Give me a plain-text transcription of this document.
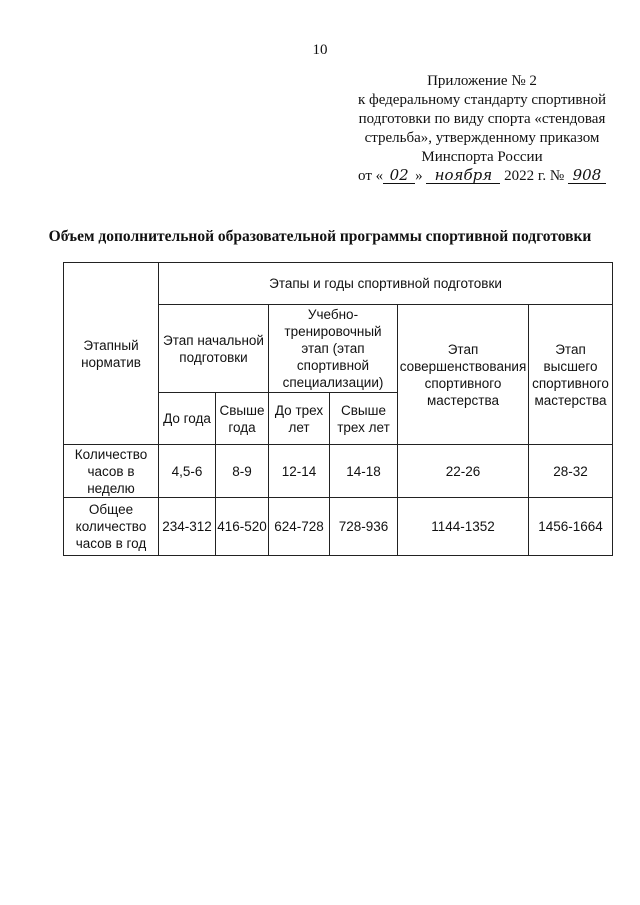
10
Приложение № 2
к федеральному стандарту спортивной
подготовки по виду спорта «стендовая
стрельба», утвержденному приказом
Минспорта России
от « 02 » ноября 2022 г. № 908
Объем дополнительной образовательной программы спортивной подготовки
Этапный норматив	Этапы и годы спортивной подготовки					
	Этап начальной подготовки		Учебно-тренировочный этап (этап спортивной специализации)		Этап совершенствования спортивного мастерства	Этап высшего спортивного мастерства
	До года	Свыше года	До трех лет	Свыше трех лет		
Количество часов в неделю	4,5-6	8-9	12-14	14-18	22-26	28-32
Общее количество часов в год	234-312	416-520	624-728	728-936	1144-1352	1456-1664
